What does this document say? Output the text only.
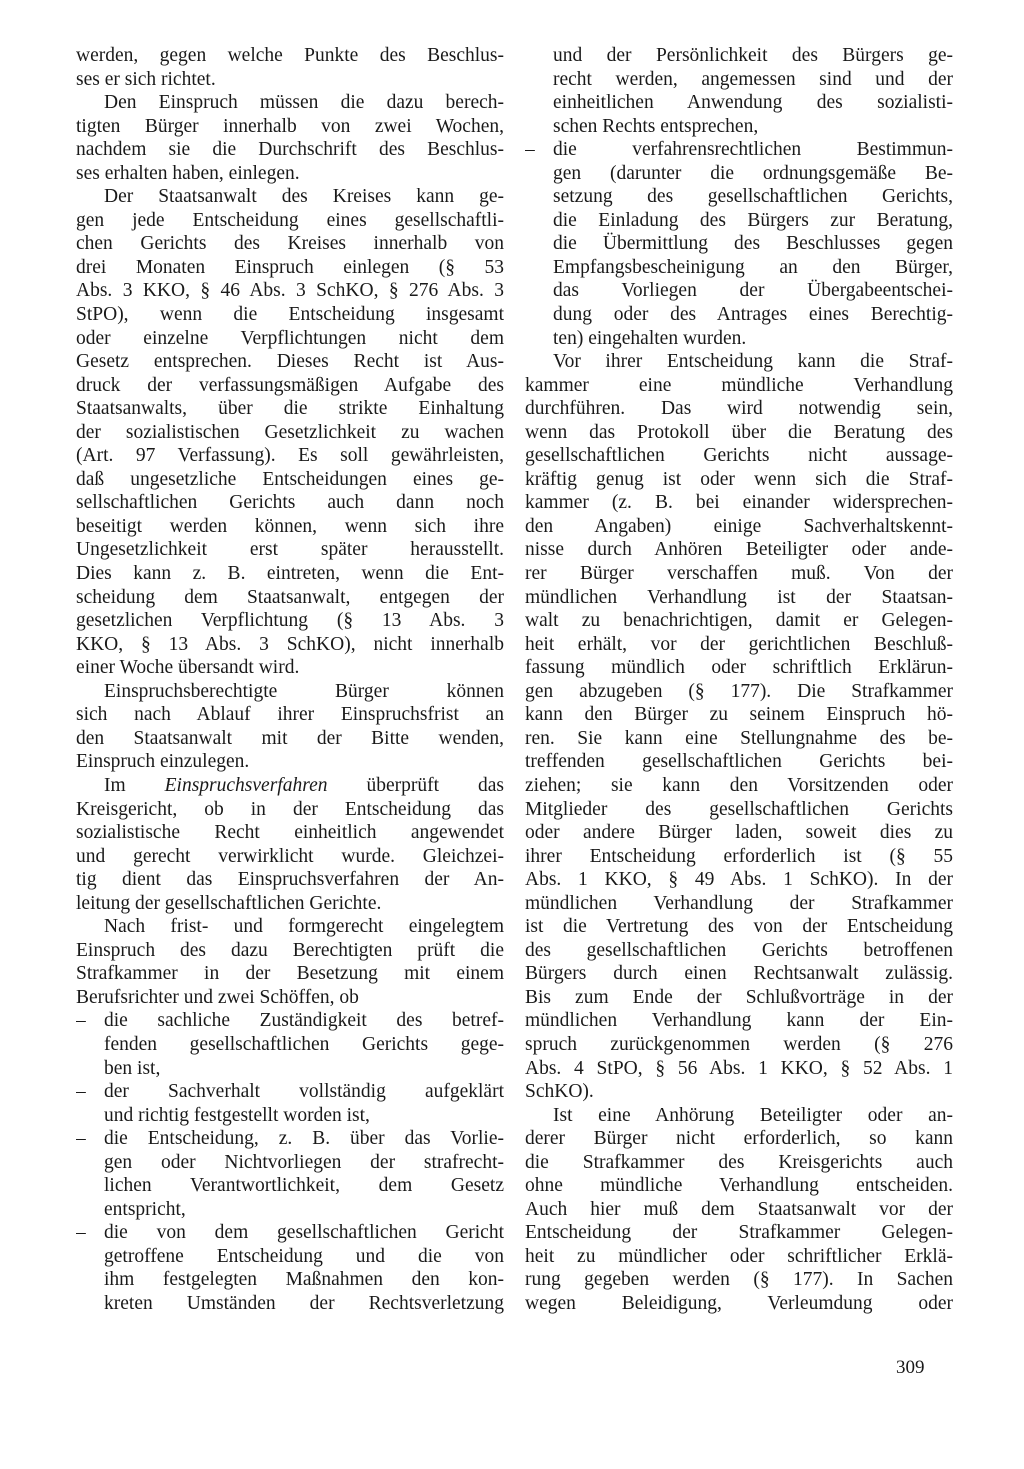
werden, gegen welche Punkte des Beschlus-
ses er sich richtet.
Den Einspruch müssen die dazu berech-
tigten Bürger innerhalb von zwei Wochen,
nachdem sie die Durchschrift des Beschlus-
ses erhalten haben, einlegen.
Der Staatsanwalt des Kreises kann ge-
gen jede Entscheidung eines gesellschaftli-
chen Gerichts des Kreises innerhalb von
drei Monaten Einspruch einlegen (§ 53
Abs. 3 KKO, § 46 Abs. 3 SchKO, § 276 Abs. 3
StPO), wenn die Entscheidung insgesamt
oder einzelne Verpflichtungen nicht dem
Gesetz entsprechen. Dieses Recht ist Aus-
druck der verfassungsmäßigen Aufgabe des
Staatsanwalts, über die strikte Einhaltung
der sozialistischen Gesetzlichkeit zu wachen
(Art. 97 Verfassung). Es soll gewährleisten,
daß ungesetzliche Entscheidungen eines ge-
sellschaftlichen Gerichts auch dann noch
beseitigt werden können, wenn sich ihre
Ungesetzlichkeit erst später herausstellt.
Dies kann z. B. eintreten, wenn die Ent-
scheidung dem Staatsanwalt, entgegen der
gesetzlichen Verpflichtung (§ 13 Abs. 3
KKO, § 13 Abs. 3 SchKO), nicht innerhalb
einer Woche übersandt wird.
Einspruchsberechtigte Bürger können
sich nach Ablauf ihrer Einspruchsfrist an
den Staatsanwalt mit der Bitte wenden,
Einspruch einzulegen.
Im Einspruchsverfahren überprüft das
Kreisgericht, ob in der Entscheidung das
sozialistische Recht einheitlich angewendet
und gerecht verwirklicht wurde. Gleichzei-
tig dient das Einspruchsverfahren der An-
leitung der gesellschaftlichen Gerichte.
Nach frist- und formgerecht eingelegtem
Einspruch des dazu Berechtigten prüft die
Strafkammer in der Besetzung mit einem
Berufsrichter und zwei Schöffen, ob
– die sachliche Zuständigkeit des betref-
fenden gesellschaftlichen Gerichts gege-
ben ist,
– der Sachverhalt vollständig aufgeklärt
und richtig festgestellt worden ist,
– die Entscheidung, z. B. über das Vorlie-
gen oder Nichtvorliegen der strafrecht-
lichen Verantwortlichkeit, dem Gesetz
entspricht,
– die von dem gesellschaftlichen Gericht
getroffene Entscheidung und die von
ihm festgelegten Maßnahmen den kon-
kreten Umständen der Rechtsverletzung
und der Persönlichkeit des Bürgers ge-
recht werden, angemessen sind und der
einheitlichen Anwendung des sozialisti-
schen Rechts entsprechen,
– die verfahrensrechtlichen Bestimmun-
gen (darunter die ordnungsgemäße Be-
setzung des gesellschaftlichen Gerichts,
die Einladung des Bürgers zur Beratung,
die Übermittlung des Beschlusses gegen
Empfangsbescheinigung an den Bürger,
das Vorliegen der Übergabeentschei-
dung oder des Antrages eines Berechtig-
ten) eingehalten wurden.
Vor ihrer Entscheidung kann die Straf-
kammer eine mündliche Verhandlung
durchführen. Das wird notwendig sein,
wenn das Protokoll über die Beratung des
gesellschaftlichen Gerichts nicht aussage-
kräftig genug ist oder wenn sich die Straf-
kammer (z. B. bei einander widersprechen-
den Angaben) einige Sachverhaltskennt-
nisse durch Anhören Beteiligter oder ande-
rer Bürger verschaffen muß. Von der
mündlichen Verhandlung ist der Staatsan-
walt zu benachrichtigen, damit er Gelegen-
heit erhält, vor der gerichtlichen Beschluß-
fassung mündlich oder schriftlich Erklärun-
gen abzugeben (§ 177). Die Strafkammer
kann den Bürger zu seinem Einspruch hö-
ren. Sie kann eine Stellungnahme des be-
treffenden gesellschaftlichen Gerichts bei-
ziehen; sie kann den Vorsitzenden oder
Mitglieder des gesellschaftlichen Gerichts
oder andere Bürger laden, soweit dies zu
ihrer Entscheidung erforderlich ist (§ 55
Abs. 1 KKO, § 49 Abs. 1 SchKO). In der
mündlichen Verhandlung der Strafkammer
ist die Vertretung des von der Entscheidung
des gesellschaftlichen Gerichts betroffenen
Bürgers durch einen Rechtsanwalt zulässig.
Bis zum Ende der Schlußvorträge in der
mündlichen Verhandlung kann der Ein-
spruch zurückgenommen werden (§ 276
Abs. 4 StPO, § 56 Abs. 1 KKO, § 52 Abs. 1
SchKO).
Ist eine Anhörung Beteiligter oder an-
derer Bürger nicht erforderlich, so kann
die Strafkammer des Kreisgerichts auch
ohne mündliche Verhandlung entscheiden.
Auch hier muß dem Staatsanwalt vor der
Entscheidung der Strafkammer Gelegen-
heit zu mündlicher oder schriftlicher Erklä-
rung gegeben werden (§ 177). In Sachen
wegen Beleidigung, Verleumdung oder
309
